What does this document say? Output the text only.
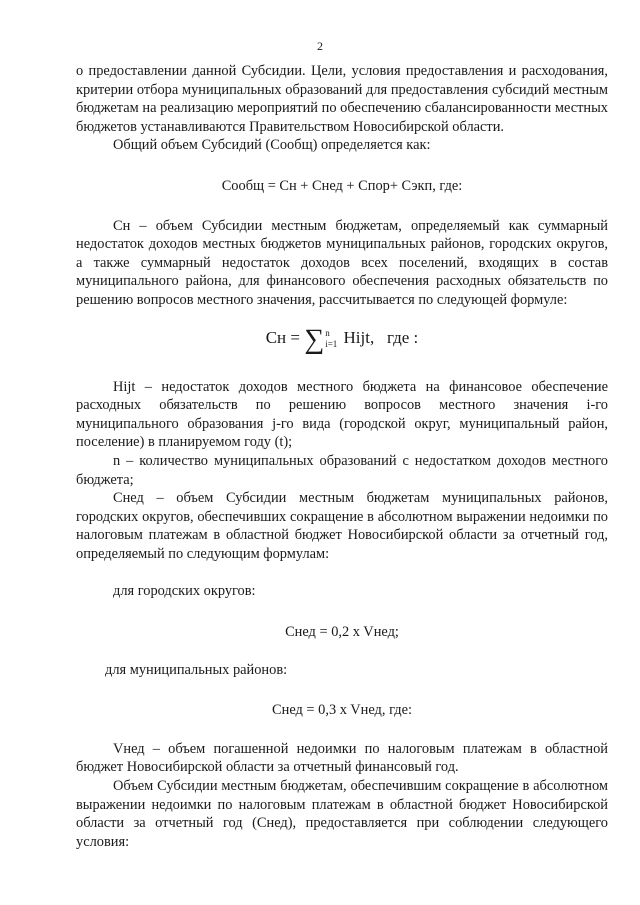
2

о предоставлении данной Субсидии. Цели, условия предоставления и расходования, критерии отбора муниципальных образований для предоставления субсидий местным бюджетам на реализацию мероприятий по обеспечению сбалансированности местных бюджетов устанавливаются Правительством Новосибирской области.

Общий объем Субсидий (Сообщ) определяется как:

Сообщ = Сн + Снед + Спор+ Сэкп, где:

Сн – объем Субсидии местным бюджетам, определяемый как суммарный недостаток доходов местных бюджетов муниципальных районов, городских округов, а также суммарный недостаток доходов всех поселений, входящих в состав муниципального района, для финансового обеспечения расходных обязательств по решению вопросов местного значения, рассчитывается по следующей формуле:

Сн = ∑n
i=1 Hijt, где :

Hijt – недостаток доходов местного бюджета на финансовое обеспечение расходных обязательств по решению вопросов местного значения i-го муниципального образования j-го вида (городской округ, муниципальный район, поселение) в планируемом году (t);

n – количество муниципальных образований с недостатком доходов местного бюджета;

Снед – объем Субсидии местным бюджетам муниципальных районов, городских округов, обеспечивших сокращение в абсолютном выражении недоимки по налоговым платежам в областной бюджет Новосибирской области за отчетный год, определяемый по следующим формулам:

для городских округов:

Снед = 0,2 x Vнед;

для муниципальных районов:

Снед = 0,3 x Vнед, где:

Vнед – объем погашенной недоимки по налоговым платежам в областной бюджет Новосибирской области за отчетный финансовый год.

Объем Субсидии местным бюджетам, обеспечившим сокращение в абсолютном выражении недоимки по налоговым платежам в областной бюджет Новосибирской области за отчетный год (Снед), предоставляется при соблюдении следующего условия:
